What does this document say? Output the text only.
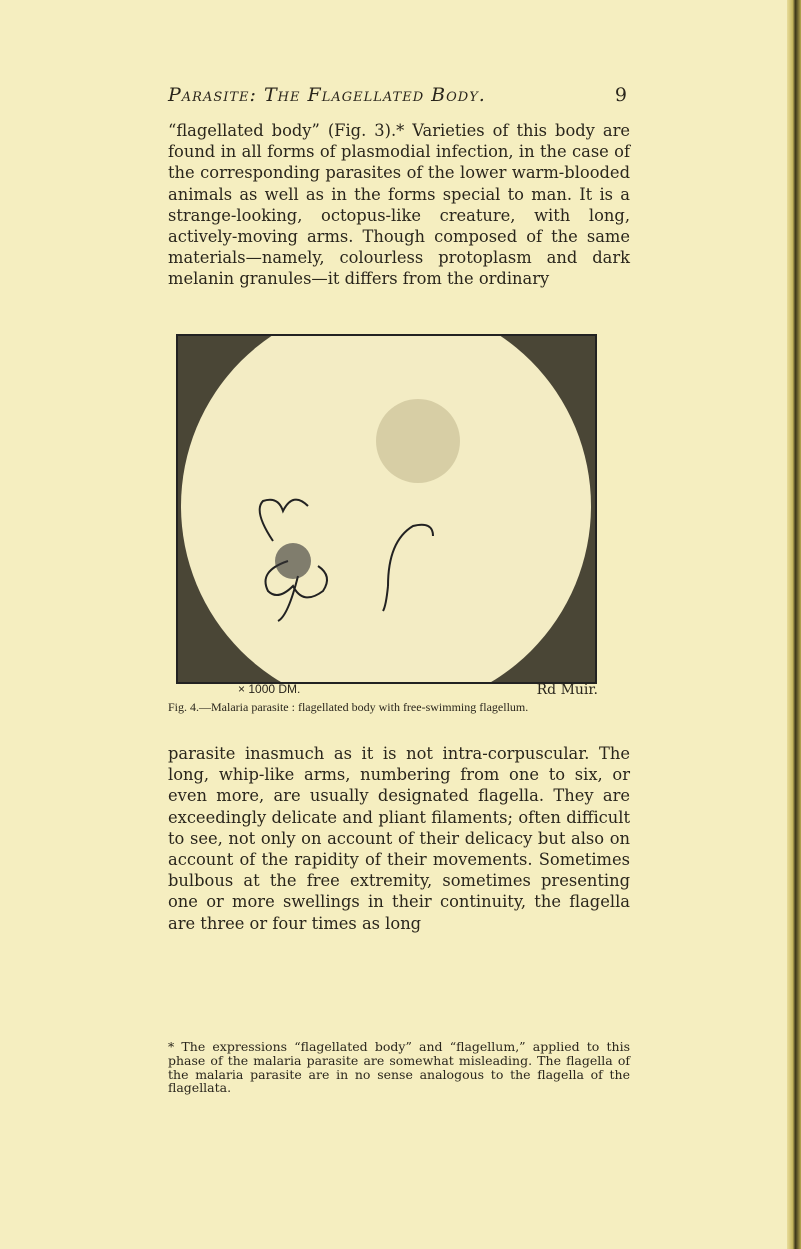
Parasite: The Flagellated Body.	9

“flagellated body” (Fig. 3).* Varieties of this body are found in all forms of plasmodial infection, in the case of the corresponding parasites of the lower warm-blooded animals as well as in the forms special to man. It is a strange-looking, octopus-like creature, with long, actively-moving arms. Though composed of the same materials—namely, colourless protoplasm and dark melanin granules—it differs from the ordinary

× 1000 DM.	Rd Muir.
Fig. 4.—Malaria parasite : flagellated body with free-swimming flagellum.

parasite inasmuch as it is not intra-corpuscular. The long, whip-like arms, numbering from one to six, or even more, are usually designated flagella. They are exceedingly delicate and pliant filaments; often difficult to see, not only on account of their delicacy but also on account of the rapidity of their movements. Sometimes bulbous at the free extremity, sometimes presenting one or more swellings in their continuity, the flagella are three or four times as long

* The expressions “flagellated body” and “flagellum,” applied to this phase of the malaria parasite are somewhat misleading. The flagella of the malaria parasite are in no sense analogous to the flagella of the flagellata.
